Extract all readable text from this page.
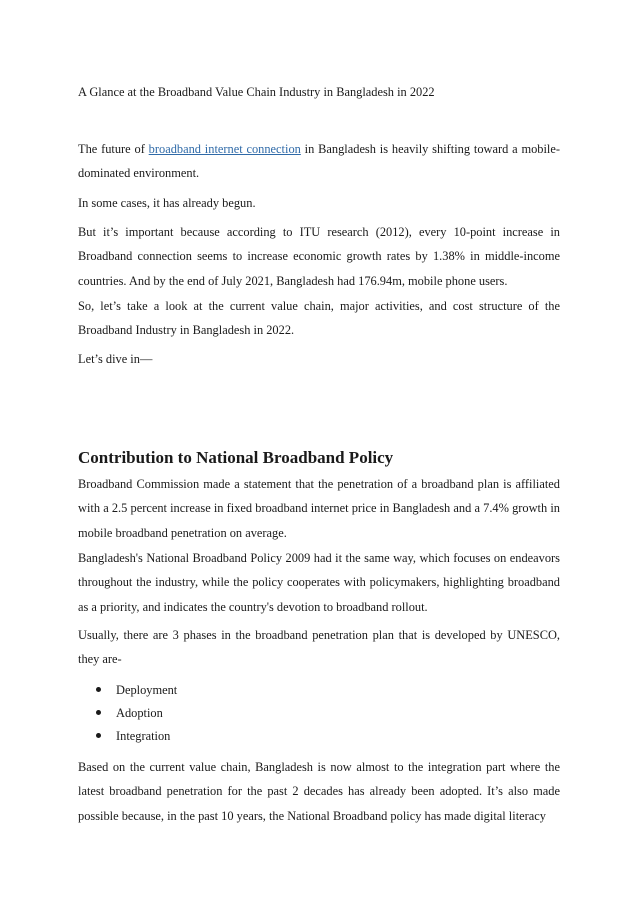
A Glance at the Broadband Value Chain Industry in Bangladesh in 2022

The future of broadband internet connection in Bangladesh is heavily shifting toward a mobile-dominated environment.

In some cases, it has already begun.

But it’s important because according to ITU research (2012), every 10-point increase in Broadband connection seems to increase economic growth rates by 1.38% in middle-income countries. And by the end of July 2021, Bangladesh had 176.94m, mobile phone users.

So, let’s take a look at the current value chain, major activities, and cost structure of the Broadband Industry in Bangladesh in 2022.

Let’s dive in—

Contribution to National Broadband Policy

Broadband Commission made a statement that the penetration of a broadband plan is affiliated with a 2.5 percent increase in fixed broadband internet price in Bangladesh and a 7.4% growth in mobile broadband penetration on average.

Bangladesh's National Broadband Policy 2009 had it the same way, which focuses on endeavors throughout the industry, while the policy cooperates with policymakers, highlighting broadband as a priority, and indicates the country's devotion to broadband rollout.

Usually, there are 3 phases in the broadband penetration plan that is developed by UNESCO, they are-

Deployment
Adoption
Integration

Based on the current value chain, Bangladesh is now almost to the integration part where the latest broadband penetration for the past 2 decades has already been adopted. It’s also made possible because, in the past 10 years, the National Broadband policy has made digital literacy
